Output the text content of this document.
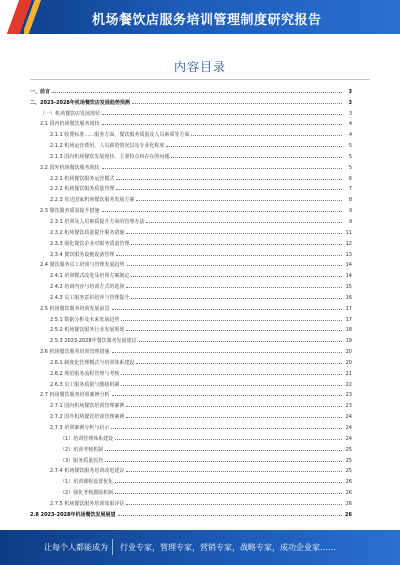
机场餐饮店服务培训管理制度研究报告
内容目录
一、前言	3
二、2023-2028年机场餐饮店发展趋势预测	3
（一）机场餐饮店发展现状	3
2.1 国内机场餐饮服务现状	4
2.1.1 收费标准……服务方面，餐饮服务质量及人员素质等方面	4
2.1.2 机场运营费用、人员薪资情况以及专业化程度	5
2.1.3 国内机场餐饮发展现状、主要特点和存在的问题	5
2.2 国外机场餐饮服务现状	5
2.2.1 机场餐饮服务运营模式	6
2.2.2 机场餐饮服务质量管理	7
2.2.3 发达国家机场餐饮服务发展方案	8
2.3 餐饮服务质量提升措施	9
2.3.1 培训及人员素质提升方面的管理办法	9
2.3.2 机场餐饮质量提升服务措施	11
2.3.3 强化餐饮企业对服务质量管理	12
2.3.4 餐饮服务设施设备管理	13
2.4 餐饮服务员工培训与管理发展趋势	14
2.4.1 培训模式改进及培训方案制定	14
2.4.2 培训内容与培训方式的选择	15
2.4.3 员工服务意识培养与管理提升	16
2.5 机场餐饮服务培训发展前景	17
2.5.1 数据分析及未来发展趋势	17
2.5.2 机场餐饮服务行业发展规划	18
2.5.3 2023-2028年餐饮服务发展建议	19
2.6 机场餐饮服务培训管理措施	20
2.6.1 制度化管理模式与培训体系建设	20
2.6.2 规范服务流程管理与考核	21
2.6.3 员工服务质量与激励机制	22
2.7 机场餐饮服务培训案例分析	23
2.7.1 国内机场餐饮培训管理案例	23
2.7.2 国外机场餐饮培训管理案例	24
2.7.3 培训案例分析与启示	24
（1）培训管理体系建设	24
（2）培训考核机制	25
（3）服务质量监控	25
2.7.4 机场餐饮服务培训改进建议	25
（1）培训课程设置优化	26
（2）强化考核激励机制	26
2.7.5 机场餐饮服务培训效果评估	26
2.8 2023-2028年机场餐饮发展展望	26
让每个人都能成为 行业专家，管理专家，营销专家，战略专家，成功企业家……
